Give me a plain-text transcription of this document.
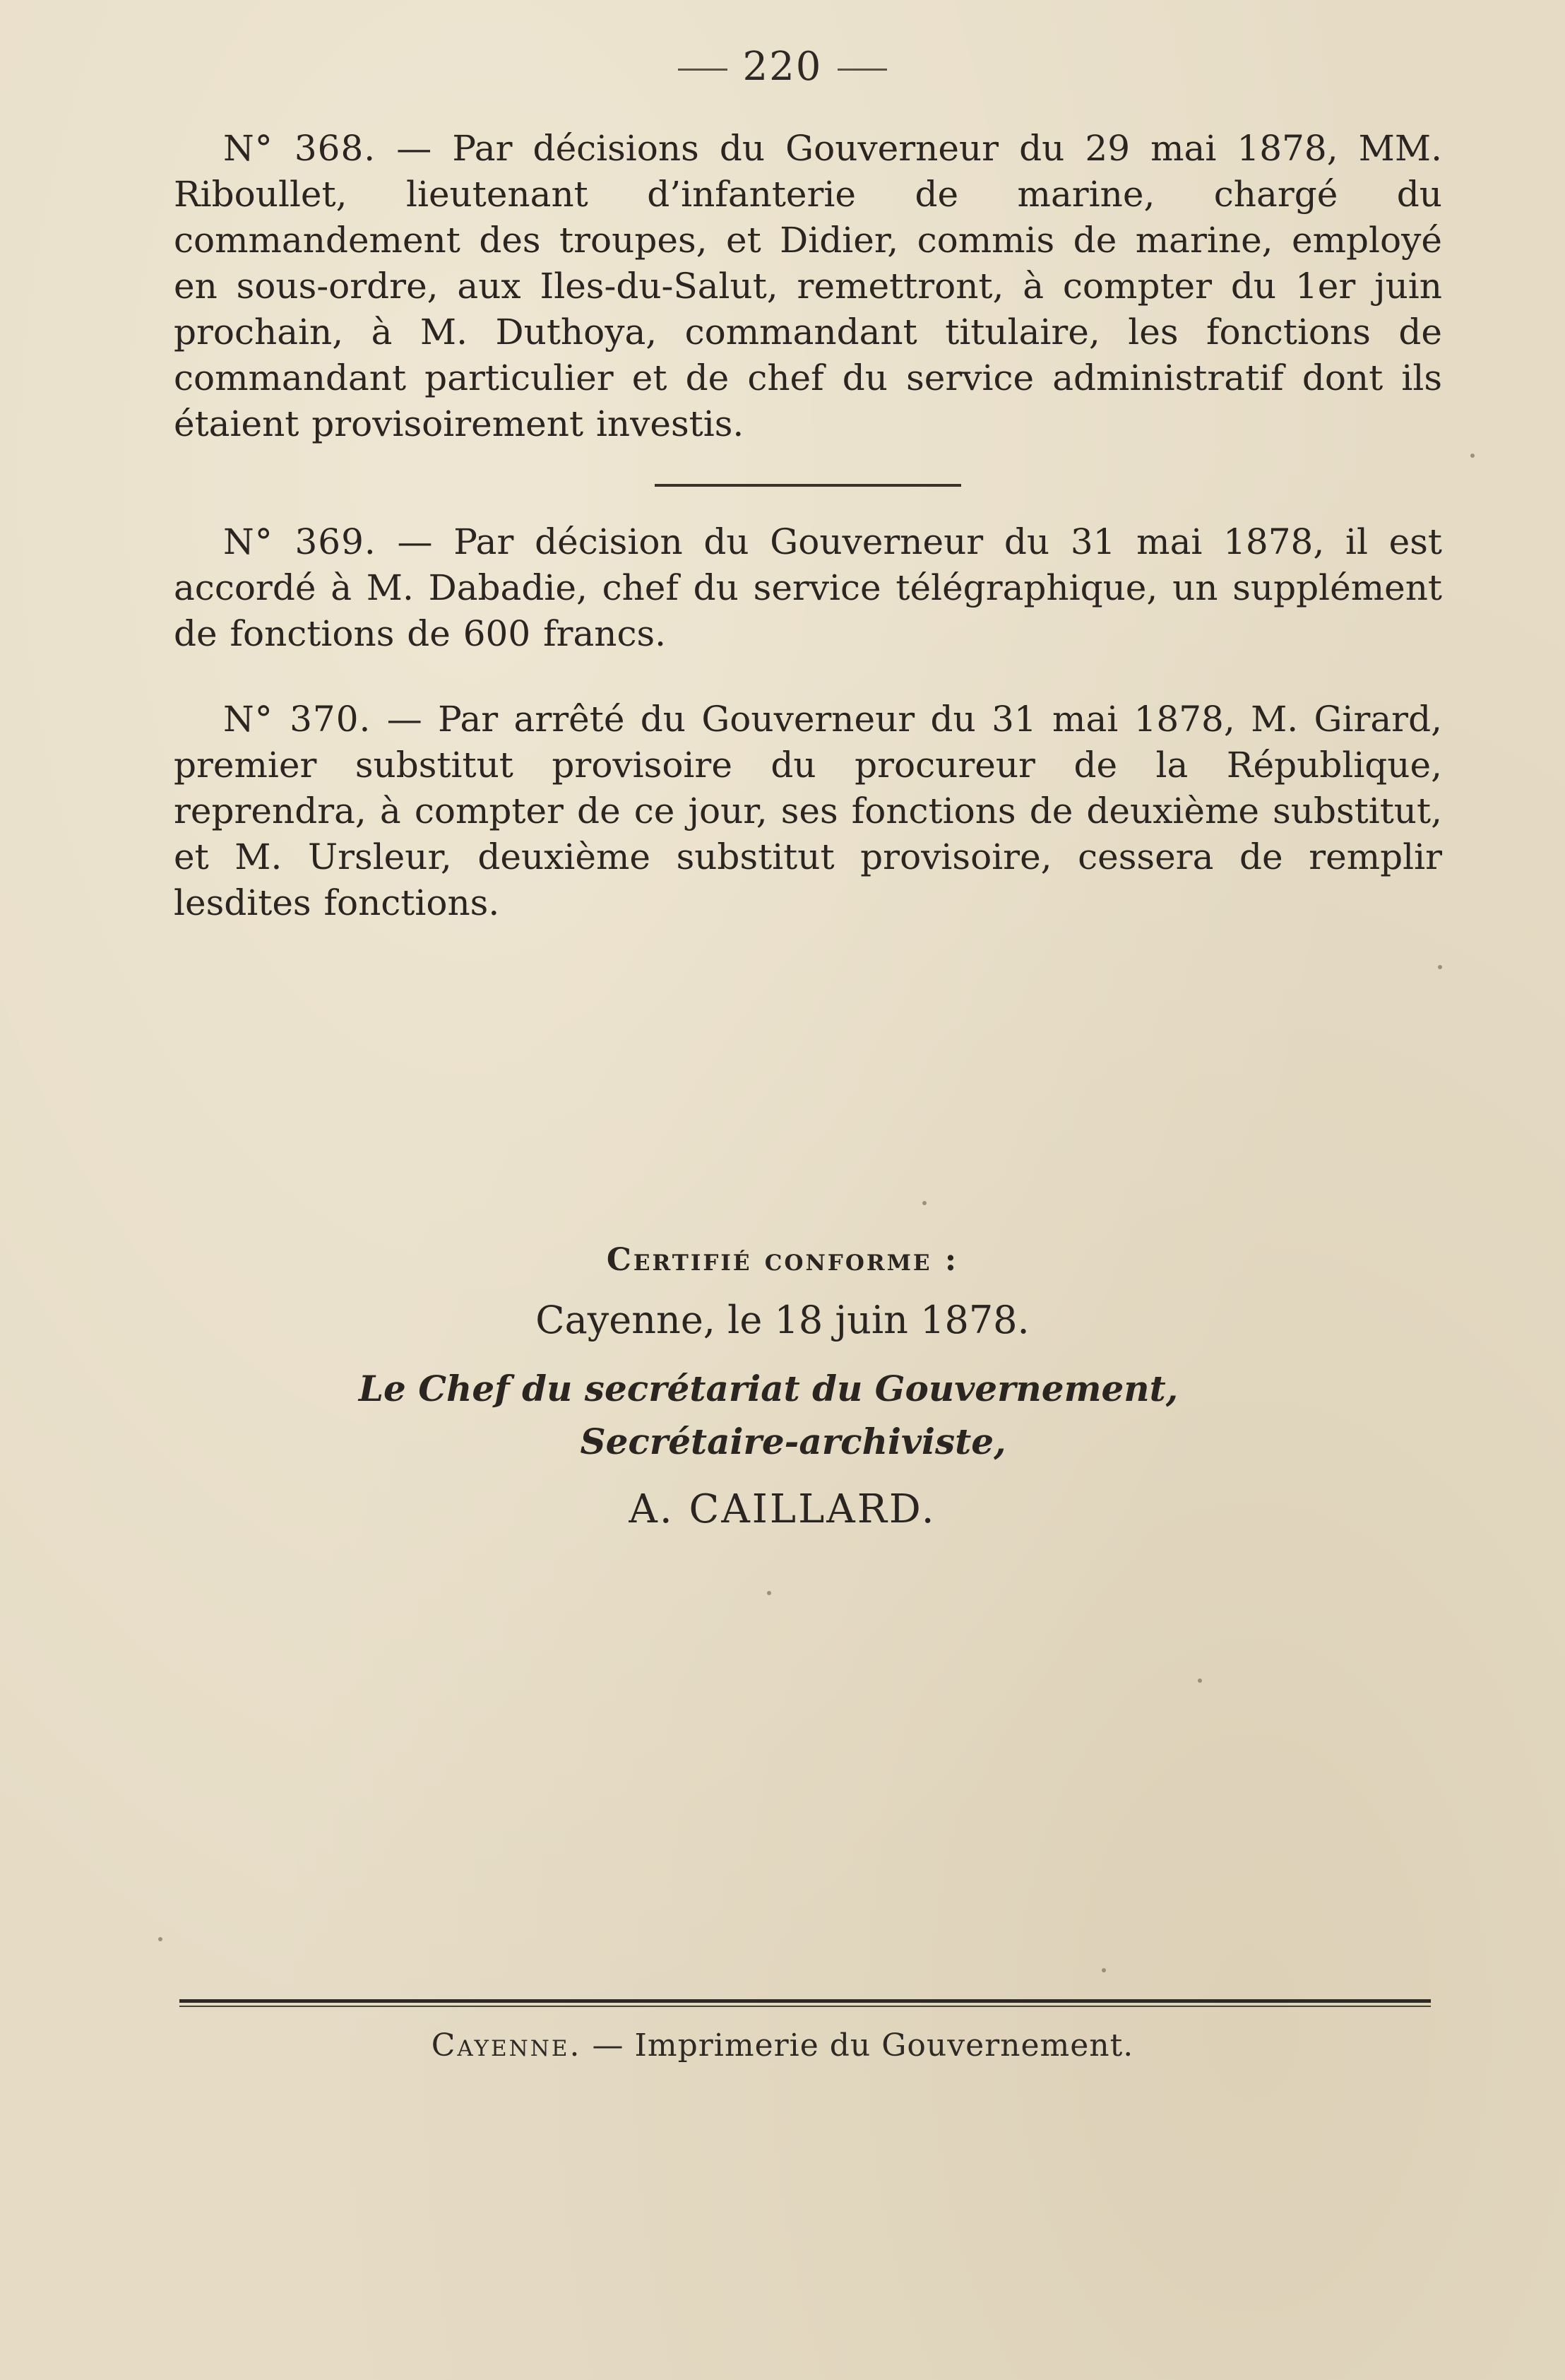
220

N° 368. — Par décisions du Gouverneur du 29 mai 1878, MM. Riboullet, lieutenant d’infanterie de marine, chargé du commandement des troupes, et Didier, commis de marine, employé en sous-ordre, aux Iles-du-Salut, remettront, à compter du 1er juin prochain, à M. Duthoya, commandant titulaire, les fonctions de commandant particulier et de chef du service administratif dont ils étaient provisoirement investis.

N° 369. — Par décision du Gouverneur du 31 mai 1878, il est accordé à M. Dabadie, chef du service télégraphique, un supplément de fonctions de 600 francs.

N° 370. — Par arrêté du Gouverneur du 31 mai 1878, M. Girard, premier substitut provisoire du procureur de la République, reprendra, à compter de ce jour, ses fonctions de deuxième substitut, et M. Ursleur, deuxième substitut provisoire, cessera de remplir lesdites fonctions.

Certifié conforme :

Cayenne, le 18 juin 1878.

Le Chef du secrétariat du Gouvernement,

Secrétaire-archiviste,

A. CAILLARD.

Cayenne. — Imprimerie du Gouvernement.
